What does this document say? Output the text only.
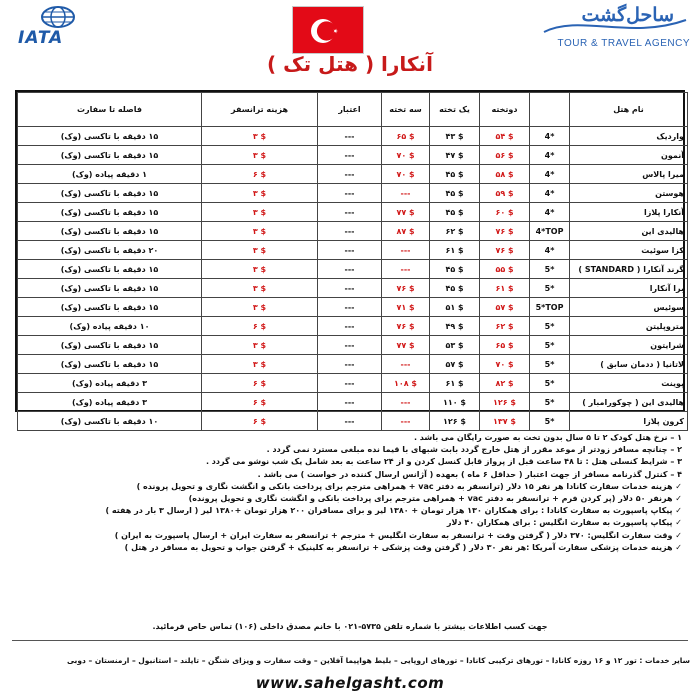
IATA
ساحل‌گشت
TOUR & TRAVEL AGENCY
آنکارا ( هتل تک )
نام هتل		دوتخته	یک تخته	سه تخته	اعتبار	هزینه ترانسفر	فاصله تا سفارت
واردیک	4*	۵۴ $	۴۳ $	۶۵ $	---	۳ $	۱۵ دقیقه با تاکسی (وک)
آنمون	4*	۵۶ $	۴۷ $	۷۰ $	---	۳ $	۱۵ دقیقه با تاکسی (وک)
میرا پالاس	4*	۵۸ $	۴۵ $	۷۰ $	---	۶ $	۱ دقیقه پیاده (وک)
هوستن	4*	۵۹ $	۴۵ $	---	---	۳ $	۱۵ دقیقه با تاکسی (وک)
آنکارا پلازا	4*	۶۰ $	۴۵ $	۷۷ $	---	۳ $	۱۵ دقیقه با تاکسی (وک)
هالیدی این	4*TOP	۷۶ $	۶۲ $	۸۷ $	---	۳ $	۱۵ دقیقه با تاکسی (وک)
کزا سوئیت	4*	۷۶ $	۶۱ $	---	---	۳ $	۲۰ دقیقه با تاکسی (وک)
گرند آنکارا ( STANDARD )	5*	۵۵ $	۴۵ $	---	---	۳ $	۱۵ دقیقه با تاکسی (وک)
برا آنکارا	5*	۶۱ $	۴۵ $	۷۶ $	---	۳ $	۱۵ دقیقه با تاکسی (وک)
سوئیس	5*TOP	۵۷ $	۵۱ $	۷۱ $	---	۳ $	۱۵ دقیقه با تاکسی (وک)
متروپلیتن	5*	۶۲ $	۴۹ $	۷۶ $	---	۶ $	۱۰ دقیقه پیاده (وک)
شرایتون	5*	۶۵ $	۵۳ $	۷۷ $	---	۳ $	۱۵ دقیقه با تاکسی (وک)
لاتانیا ( ددمان سابق )	5*	۷۰ $	۵۷ $	---	---	۳ $	۱۵ دقیقه با تاکسی (وک)
پوینت	5*	۸۲ $	۶۱ $	۱۰۸ $	---	۶ $	۳ دقیقه پیاده (وک)
هالیدی این ( چوکورامبار )	5*	۱۲۶ $	۱۱۰ $	---	---	۶ $	۳ دقیقه پیاده (وک)
کرون پلازا	5*	۱۳۷ $	۱۲۶ $	---	---	۶ $	۱۰ دقیقه با تاکسی (وک)

۱ – نرخ هتل کودک ۲ تا ۵ سال بدون تخت به صورت رایگان می باشد .

۲ – چنانچه مسافر زودتر از موعد مقرر از هتل خارج گردد بابت شبهای با قیما نده مبلغی مسترد نمی گردد .

۳ – شرایط کنسلی هتل : تا ۴۸ ساعت قبل از پرواز قابل کنسل کردن و از ۲۴ ساعت به بعد شامل یک شب نوشو می گردد .

۴ – کنترل گذرنامه مسافر از جهت اعتبار ( حداقل ۶ ماه ) بعهده ( آژانس ارسال کننده در خواست ) می باشد .

✓ هزینه خدمات سفارت کانادا هر نفر ۱۵ دلار (ترانسفر به دفتر vac + همراهی مترجم برای پرداخت بانکی و انگشت نگاری و تحویل پرونده )

✓ هرنفر ۵۰ دلار (پر کردن فرم + ترانسفر به دفتر vac + همراهی مترجم برای پرداخت بانکی و انگشت نگاری و تحویل پرونده)

✓ پیکاپ پاسپورت به سفارت کانادا : برای همکاران ۱۳۰ هزار تومان + ۱۳۸۰ لیر و برای مسافران ۲۰۰ هزار تومان +۱۳۸۰ لیر ( ارسال ۳ بار در هفته )

✓ پیکاپ پاسپورت به سفارت انگلیس : برای همکاران ۴۰ دلار

✓ وقت سفارت انگلیس: ۳۷۰ دلار ( گرفتن وقت + ترانسفر به سفارت انگلیس + مترجم + ترانسفر به سفارت ایران + ارسال پاسپورت به ایران )

✓ هزینه خدمات پزشکی سفارت آمریکا :هر نفر ۳۰ دلار ( گرفتن وقت پزشکی + ترانسفر به کلینیک + گرفتن جواب و تحویل به مسافر در هتل )

جهت کسب اطلاعات بیشتر با شماره تلفن ۵۷۳۵-۰۲۱ با خانم مصدق داخلی (۱۰۶) تماس حاص فرمائید.
سایر خدمات : تور ۱۲ و ۱۶ روزه کانادا – تورهای ترکیبی کانادا – تورهای اروپایی – بلیط هواپیما آفلاین – وقت سفارت و ویزای شنگن – تایلند – استانبول – ارمنستان – دوبی
www.sahelgasht.com
